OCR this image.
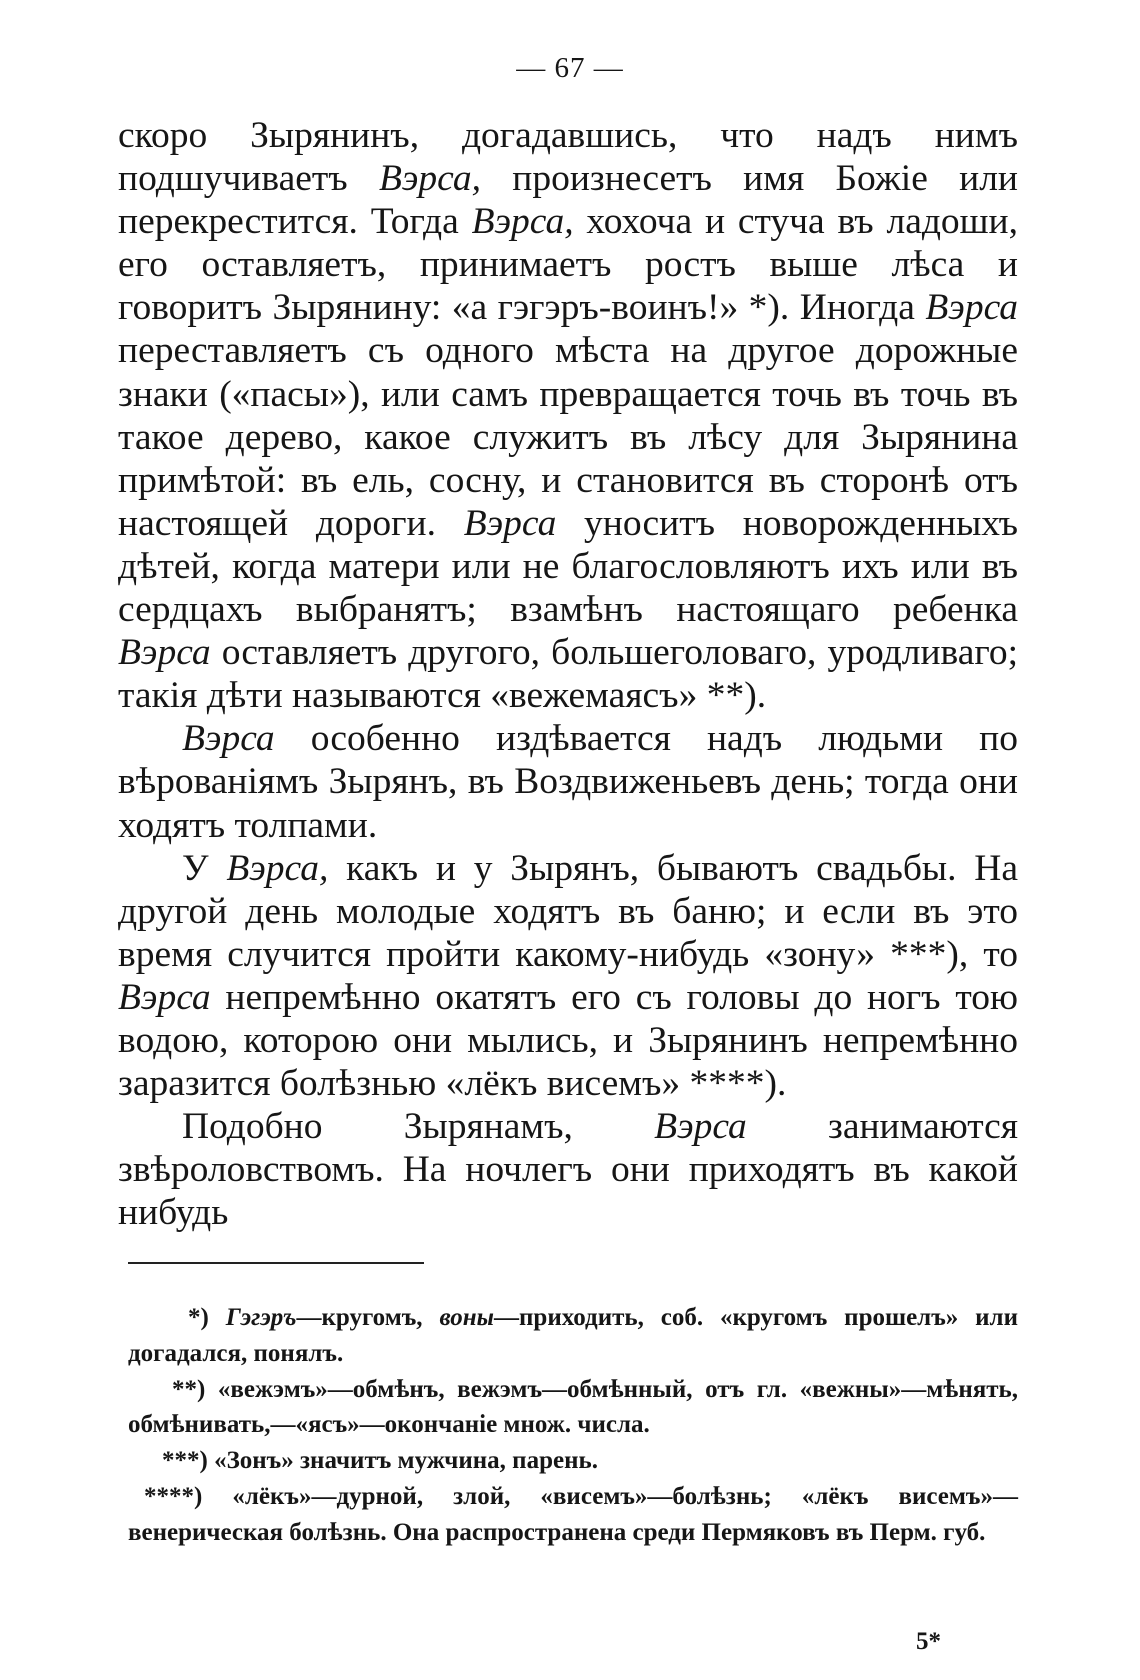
— 67 —

скоро Зырянинъ, догадавшись, что надъ нимъ подшучиваетъ Вэрса, произнесетъ имя Божіе или перекрестится. Тогда Вэрса, хохоча и стуча въ ладоши, его оставляетъ, принимаетъ ростъ выше лѣса и говоритъ Зырянину: «а гэгэръ-воинъ!» *). Иногда Вэрса переставляетъ съ одного мѣста на другое дорожные знаки («пасы»), или самъ превращается точь въ точь въ такое дерево, какое служитъ въ лѣсу для Зырянина примѣтой: въ ель, сосну, и становится въ сторонѣ отъ настоящей дороги. Вэрса уноситъ новорожденныхъ дѣтей, когда матери или не благословляютъ ихъ или въ сердцахъ выбранятъ; взамѣнъ настоящаго ребенка Вэрса оставляетъ другого, большеголоваго, уродливаго; такія дѣти называются «вежемаясъ» **).

Вэрса особенно издѣвается надъ людьми по вѣрованіямъ Зырянъ, въ Воздвиженьевъ день; тогда они ходятъ толпами.

У Вэрса, какъ и у Зырянъ, бываютъ свадьбы. На другой день молодые ходятъ въ баню; и если въ это время случится пройти какому-нибудь «зону» ***), то Вэрса непремѣнно окатятъ его съ головы до ногъ тою водою, которою они мылись, и Зырянинъ непремѣнно заразится болѣзнью «лёкъ висемъ» ****).

Подобно Зырянамъ, Вэрса занимаются звѣроловствомъ. На ночлегъ они приходятъ въ какой нибудь

*) Гэгэръ—кругомъ, воны—приходить, соб. «кругомъ прошелъ» или догадался, понялъ.

**) «вежэмъ»—обмѣнъ, вежэмъ—обмѣнный, отъ гл. «вежны»—мѣнять, обмѣнивать,—«ясъ»—окончаніе множ. числа.

***) «Зонъ» значитъ мужчина, парень.

****) «лёкъ»—дурной, злой, «висемъ»—болѣзнь; «лёкъ висемъ»—венерическая болѣзнь. Она распространена среди Пермяковъ въ Перм. губ.

5*
